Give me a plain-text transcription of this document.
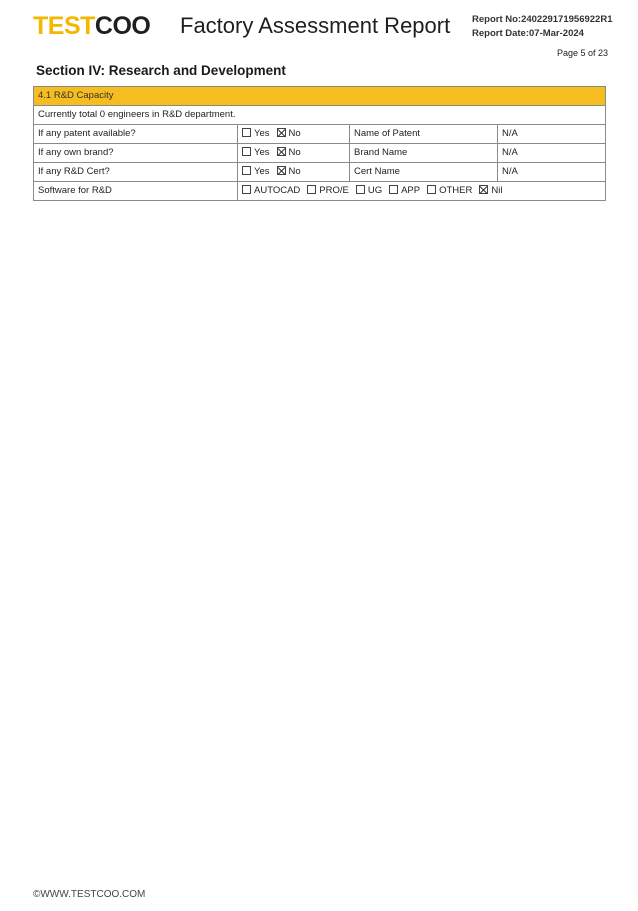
TESTCOO Factory Assessment Report Report No:240229171956922R1
Report Date:07-Mar-2024
Page 5 of 23
Section IV: Research and Development
4.1 R&D Capacity			
Currently total 0 engineers in R&D department.			
If any patent available?	Yes No	Name of Patent	N/A
If any own brand?	Yes No	Brand Name	N/A
If any R&D Cert?	Yes No	Cert Name	N/A
Software for R&D	AUTOCAD PRO/E UG APP OTHER Nil		
©WWW.TESTCOO.COM
